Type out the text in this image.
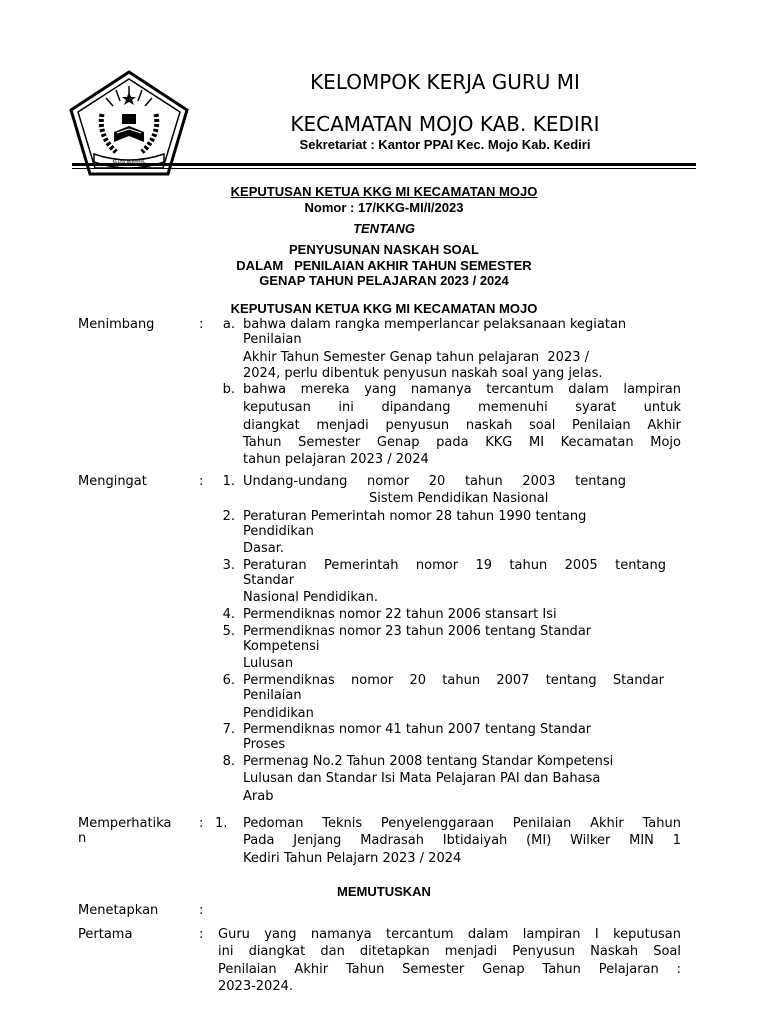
KELAS BERAMAL
KELOMPOK KERJA GURU MI
KECAMATAN MOJO KAB. KEDIRI
Sekretariat : Kantor PPAI Kec. Mojo Kab. Kediri
KEPUTUSAN KETUA KKG MI KECAMATAN MOJO
Nomor : 17/KKG-MI/I/2023
TENTANG
PENYUSUNAN NASKAH SOAL
DALAM   PENILAIAN AKHIR TAHUN SEMESTER
GENAP TAHUN PELAJARAN 2023 / 2024
KEPUTUSAN KETUA KKG MI KECAMATAN MOJO
Menimbang	:	a. bahwa dalam rangka memperlancar pelaksanaan kegiatan
Penilaian
Akhir Tahun Semester Genap tahun pelajaran  2023 /
2024, perlu dibentuk penyusun naskah soal yang jelas.
b. bahwa mereka yang namanya tercantum dalam lampiran
keputusan ini dipandang memenuhi syarat untuk
diangkat menjadi penyusun naskah soal Penilaian Akhir
Tahun Semester Genap pada KKG MI Kecamatan Mojo
tahun pelajaran 2023 / 2024
Mengingat	:	1. Undang-undang nomor 20 tahun 2003 tentang
Sistem Pendidikan Nasional
2. Peraturan Pemerintah nomor 28 tahun 1990 tentang
Pendidikan
Dasar.
3. Peraturan Pemerintah nomor 19 tahun 2005 tentang
Standar
Nasional Pendidikan.
4. Permendiknas nomor 22 tahun 2006 stansart Isi
5. Permendiknas nomor 23 tahun 2006 tentang Standar
Kompetensi
Lulusan
6. Permendiknas nomor 20 tahun 2007 tentang Standar
Penilaian
Pendidikan
7. Permendiknas nomor 41 tahun 2007 tentang Standar
Proses
8. Permenag No.2 Tahun 2008 tentang Standar Kompetensi
Lulusan dan Standar Isi Mata Pelajaran PAI dan Bahasa
Arab
Memperhatika
n
: 1. Pedoman Teknis Penyelenggaraan Penilaian Akhir Tahun
Pada Jenjang Madrasah Ibtidaiyah (MI) Wilker MIN 1
Kediri Tahun Pelajarn 2023 / 2024
MEMUTUSKAN
Menetapkan	:
Pertama	: Guru yang namanya tercantum dalam lampiran I keputusan
ini diangkat dan ditetapkan menjadi Penyusun Naskah Soal
Penilaian Akhir Tahun Semester Genap Tahun Pelajaran :
2023-2024.
